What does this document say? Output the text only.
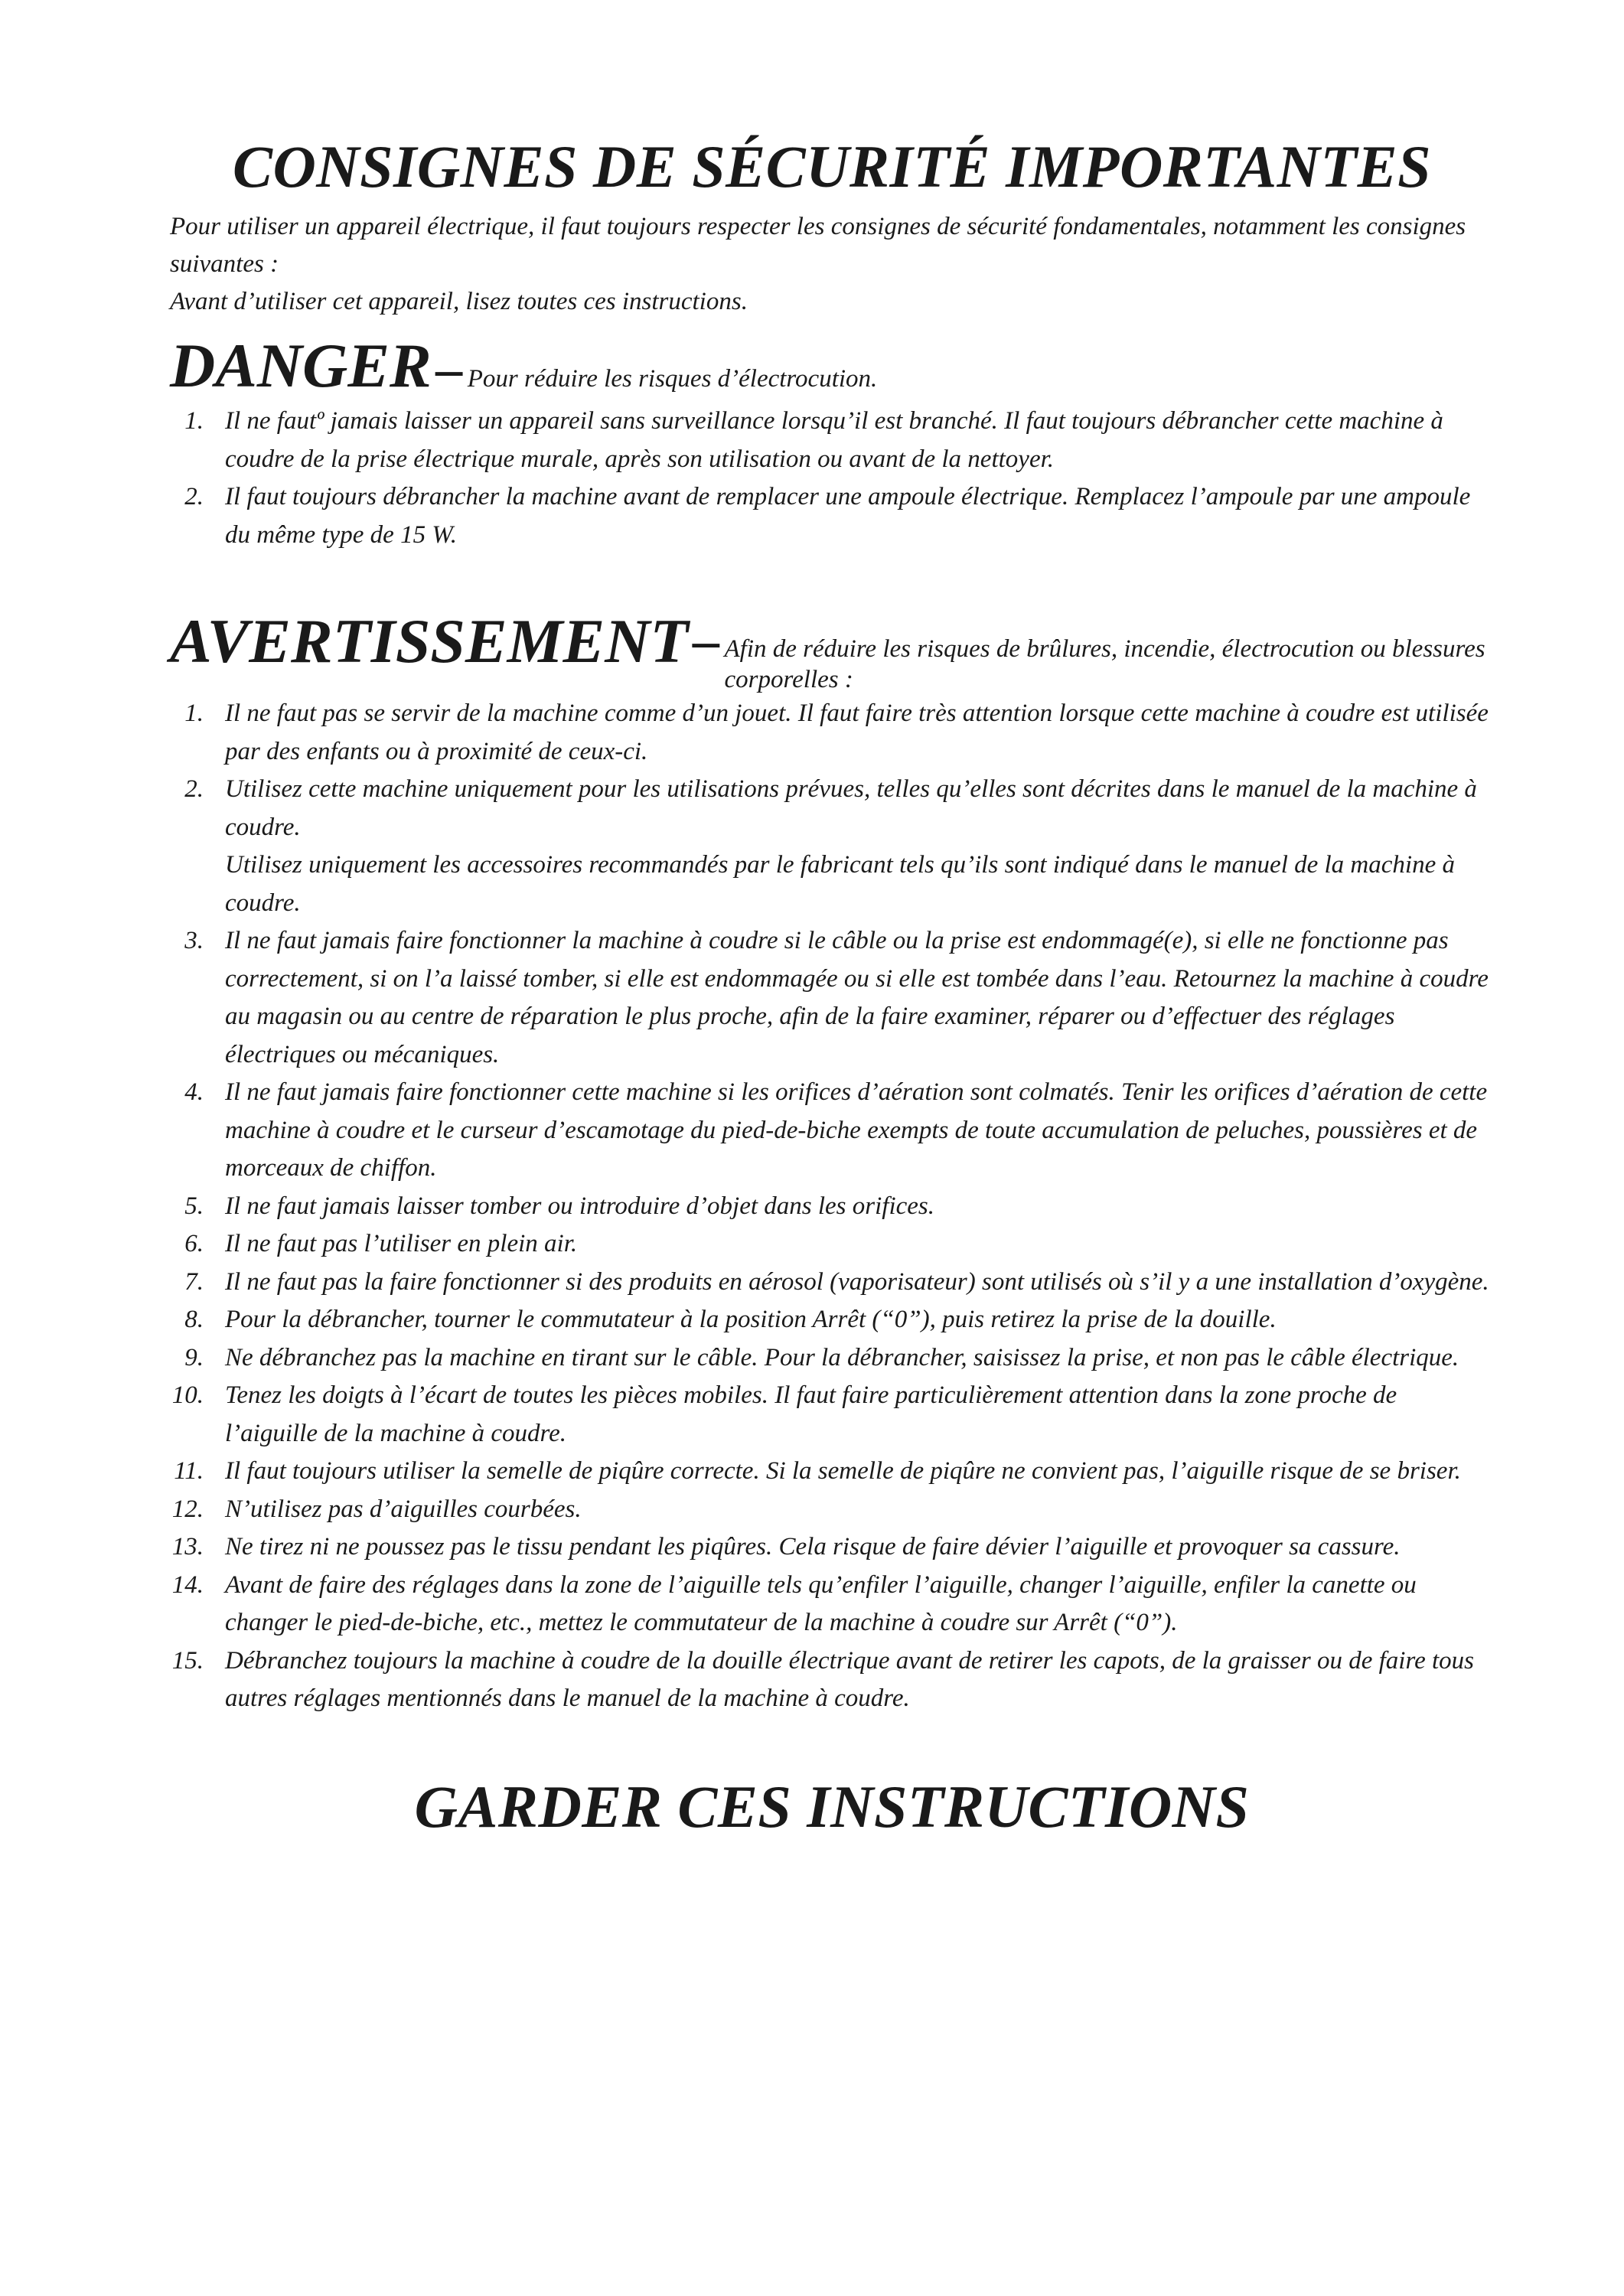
CONSIGNES DE SÉCURITÉ IMPORTANTES

Pour utiliser un appareil électrique, il faut toujours respecter les consignes de sécurité fondamentales, notamment les consignes suivantes :

Avant d’utiliser cet appareil, lisez toutes ces instructions.

DANGER – Pour réduire les risques d’électrocution.
1. Il ne fautº jamais laisser un appareil sans surveillance lorsqu’il est branché. Il faut toujours débrancher cette machine à coudre de la prise électrique murale, après son utilisation ou avant de la nettoyer.
2. Il faut toujours débrancher la machine avant de remplacer une ampoule électrique. Remplacez l’ampoule par une ampoule du même type de 15 W.
AVERTISSEMENT – Afin de réduire les risques de brûlures, incendie, électrocution ou blessures corporelles :
1. Il ne faut pas se servir de la machine comme d’un jouet. Il faut faire très attention lorsque cette machine à coudre est utilisée par des enfants ou à proximité de ceux-ci.
2. Utilisez cette machine uniquement pour les utilisations prévues, telles qu’elles sont décrites dans le manuel de la machine à coudre.
Utilisez uniquement les accessoires recommandés par le fabricant tels qu’ils sont indiqué dans le manuel de la machine à coudre.
3. Il ne faut jamais faire fonctionner la machine à coudre si le câble ou la prise est endommagé(e), si elle ne fonctionne pas correctement, si on l’a laissé tomber, si elle est endommagée ou si elle est tombée dans l’eau. Retournez la machine à coudre au magasin ou au centre de réparation le plus proche, afin de la faire examiner, réparer ou d’effectuer des réglages électriques ou mécaniques.
4. Il ne faut jamais faire fonctionner cette machine si les orifices d’aération sont colmatés. Tenir les orifices d’aération de cette machine à coudre et le curseur d’escamotage du pied-de-biche exempts de toute accumulation de peluches, poussières et de morceaux de chiffon.
5. Il ne faut jamais laisser tomber ou introduire d’objet dans les orifices.
6. Il ne faut pas l’utiliser en plein air.
7. Il ne faut pas la faire fonctionner si des produits en aérosol (vaporisateur) sont utilisés où s’il y a une installation d’oxygène.
8. Pour la débrancher, tourner le commutateur à la position Arrêt (“0”), puis retirez la prise de la douille.
9. Ne débranchez pas la machine en tirant sur le câble. Pour la débrancher, saisissez la prise, et non pas le câble électrique.
10. Tenez les doigts à l’écart de toutes les pièces mobiles. Il faut faire particulièrement attention dans la zone proche de l’aiguille de la machine à coudre.
11. Il faut toujours utiliser la semelle de piqûre correcte. Si la semelle de piqûre ne convient pas, l’aiguille risque de se briser.
12. N’utilisez pas d’aiguilles courbées.
13. Ne tirez ni ne poussez pas le tissu pendant les piqûres. Cela risque de faire dévier l’aiguille et provoquer sa cassure.
14. Avant de faire des réglages dans la zone de l’aiguille tels qu’enfiler l’aiguille, changer l’aiguille, enfiler la canette ou changer le pied-de-biche, etc., mettez le commutateur de la machine à coudre sur Arrêt (“0”).
15. Débranchez toujours la machine à coudre de la douille électrique avant de retirer les capots, de la graisser ou de faire tous autres réglages mentionnés dans le manuel de la machine à coudre.
GARDER CES INSTRUCTIONS
